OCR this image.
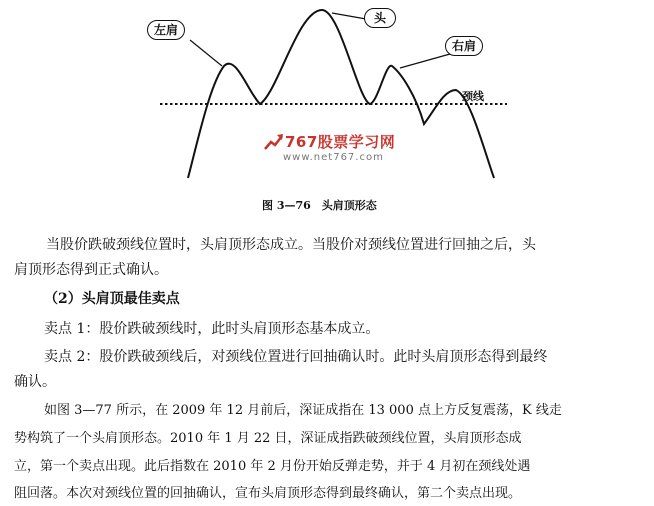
左肩
头
右肩
颈线
767股票学习网
www.net767.com
图 3—76　头肩顶形态
当股价跌破颈线位置时，头肩顶形态成立。当股价对颈线位置进行回抽之后，头
肩顶形态得到正式确认。
（2）头肩顶最佳卖点
卖点 1：股价跌破颈线时，此时头肩顶形态基本成立。
卖点 2：股价跌破颈线后，对颈线位置进行回抽确认时。此时头肩顶形态得到最终
确认。
如图 3—77 所示，在 2009 年 12 月前后，深证成指在 13 000 点上方反复震荡，K 线走
势构筑了一个头肩顶形态。2010 年 1 月 22 日，深证成指跌破颈线位置，头肩顶形态成
立，第一个卖点出现。此后指数在 2010 年 2 月份开始反弹走势，并于 4 月初在颈线处遇
阻回落。本次对颈线位置的回抽确认，宣布头肩顶形态得到最终确认，第二个卖点出现。
